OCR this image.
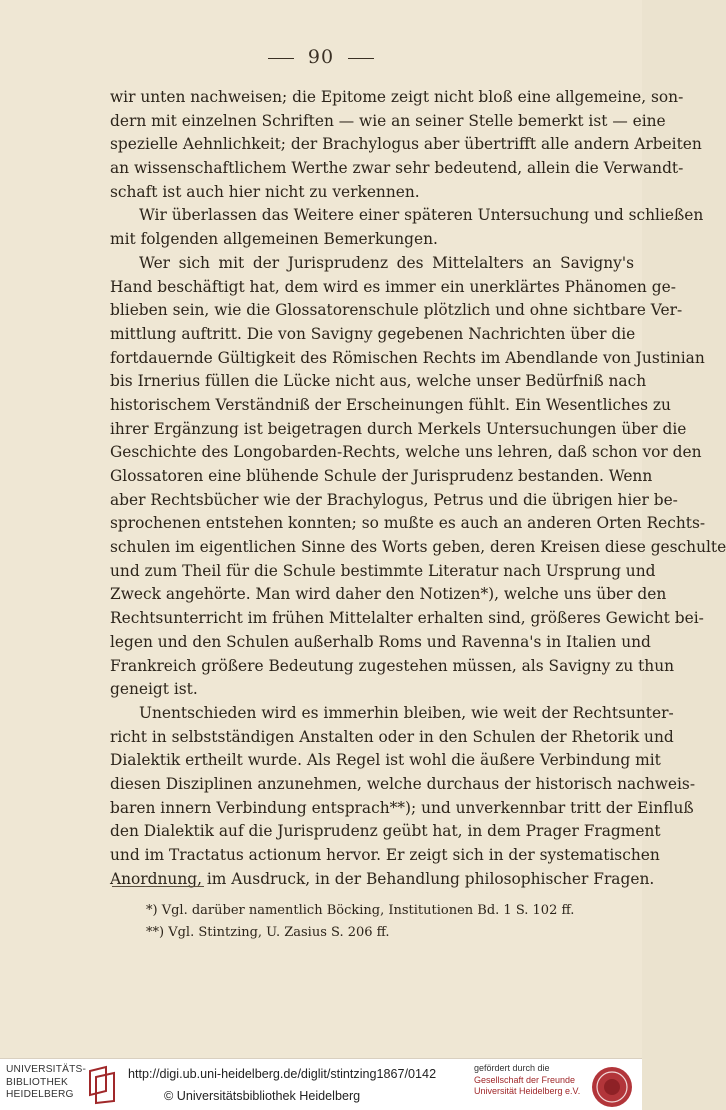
90
wir unten nachweisen; die Epitome zeigt nicht bloß eine allgemeine, son-
dern mit einzelnen Schriften — wie an seiner Stelle bemerkt ist — eine
spezielle Aehnlichkeit; der Brachylogus aber übertrifft alle andern Arbeiten
an wissenschaftlichem Werthe zwar sehr bedeutend, allein die Verwandt-
schaft ist auch hier nicht zu verkennen.
Wir überlassen das Weitere einer späteren Untersuchung und schließen
mit folgenden allgemeinen Bemerkungen.
Wer sich mit der Jurisprudenz des Mittelalters an Savigny's
Hand beschäftigt hat, dem wird es immer ein unerklärtes Phänomen ge-
blieben sein, wie die Glossatorenschule plötzlich und ohne sichtbare Ver-
mittlung auftritt. Die von Savigny gegebenen Nachrichten über die
fortdauernde Gültigkeit des Römischen Rechts im Abendlande von Justinian
bis Irnerius füllen die Lücke nicht aus, welche unser Bedürfniß nach
historischem Verständniß der Erscheinungen fühlt. Ein Wesentliches zu
ihrer Ergänzung ist beigetragen durch Merkels Untersuchungen über die
Geschichte des Longobarden-Rechts, welche uns lehren, daß schon vor den
Glossatoren eine blühende Schule der Jurisprudenz bestanden. Wenn
aber Rechtsbücher wie der Brachylogus, Petrus und die übrigen hier be-
sprochenen entstehen konnten; so mußte es auch an anderen Orten Rechts-
schulen im eigentlichen Sinne des Worts geben, deren Kreisen diese geschulte
und zum Theil für die Schule bestimmte Literatur nach Ursprung und
Zweck angehörte. Man wird daher den Notizen*), welche uns über den
Rechtsunterricht im frühen Mittelalter erhalten sind, größeres Gewicht bei-
legen und den Schulen außerhalb Roms und Ravenna's in Italien und
Frankreich größere Bedeutung zugestehen müssen, als Savigny zu thun
geneigt ist.
Unentschieden wird es immerhin bleiben, wie weit der Rechtsunter-
richt in selbstständigen Anstalten oder in den Schulen der Rhetorik und
Dialektik ertheilt wurde. Als Regel ist wohl die äußere Verbindung mit
diesen Disziplinen anzunehmen, welche durchaus der historisch nachweis-
baren innern Verbindung entsprach**); und unverkennbar tritt der Einfluß
den Dialektik auf die Jurisprudenz geübt hat, in dem Prager Fragment
und im Tractatus actionum hervor. Er zeigt sich in der systematischen
Anordnung, im Ausdruck, in der Behandlung philosophischer Fragen.
*) Vgl. darüber namentlich Böcking, Institutionen Bd. 1 S. 102 ff.
**) Vgl. Stintzing, U. Zasius S. 206 ff.
UNIVERSITÄTS-
BIBLIOTHEK
HEIDELBERG
http://digi.ub.uni-heidelberg.de/diglit/stintzing1867/0142
© Universitätsbibliothek Heidelberg
gefördert durch die
Gesellschaft der Freunde
Universität Heidelberg e.V.
